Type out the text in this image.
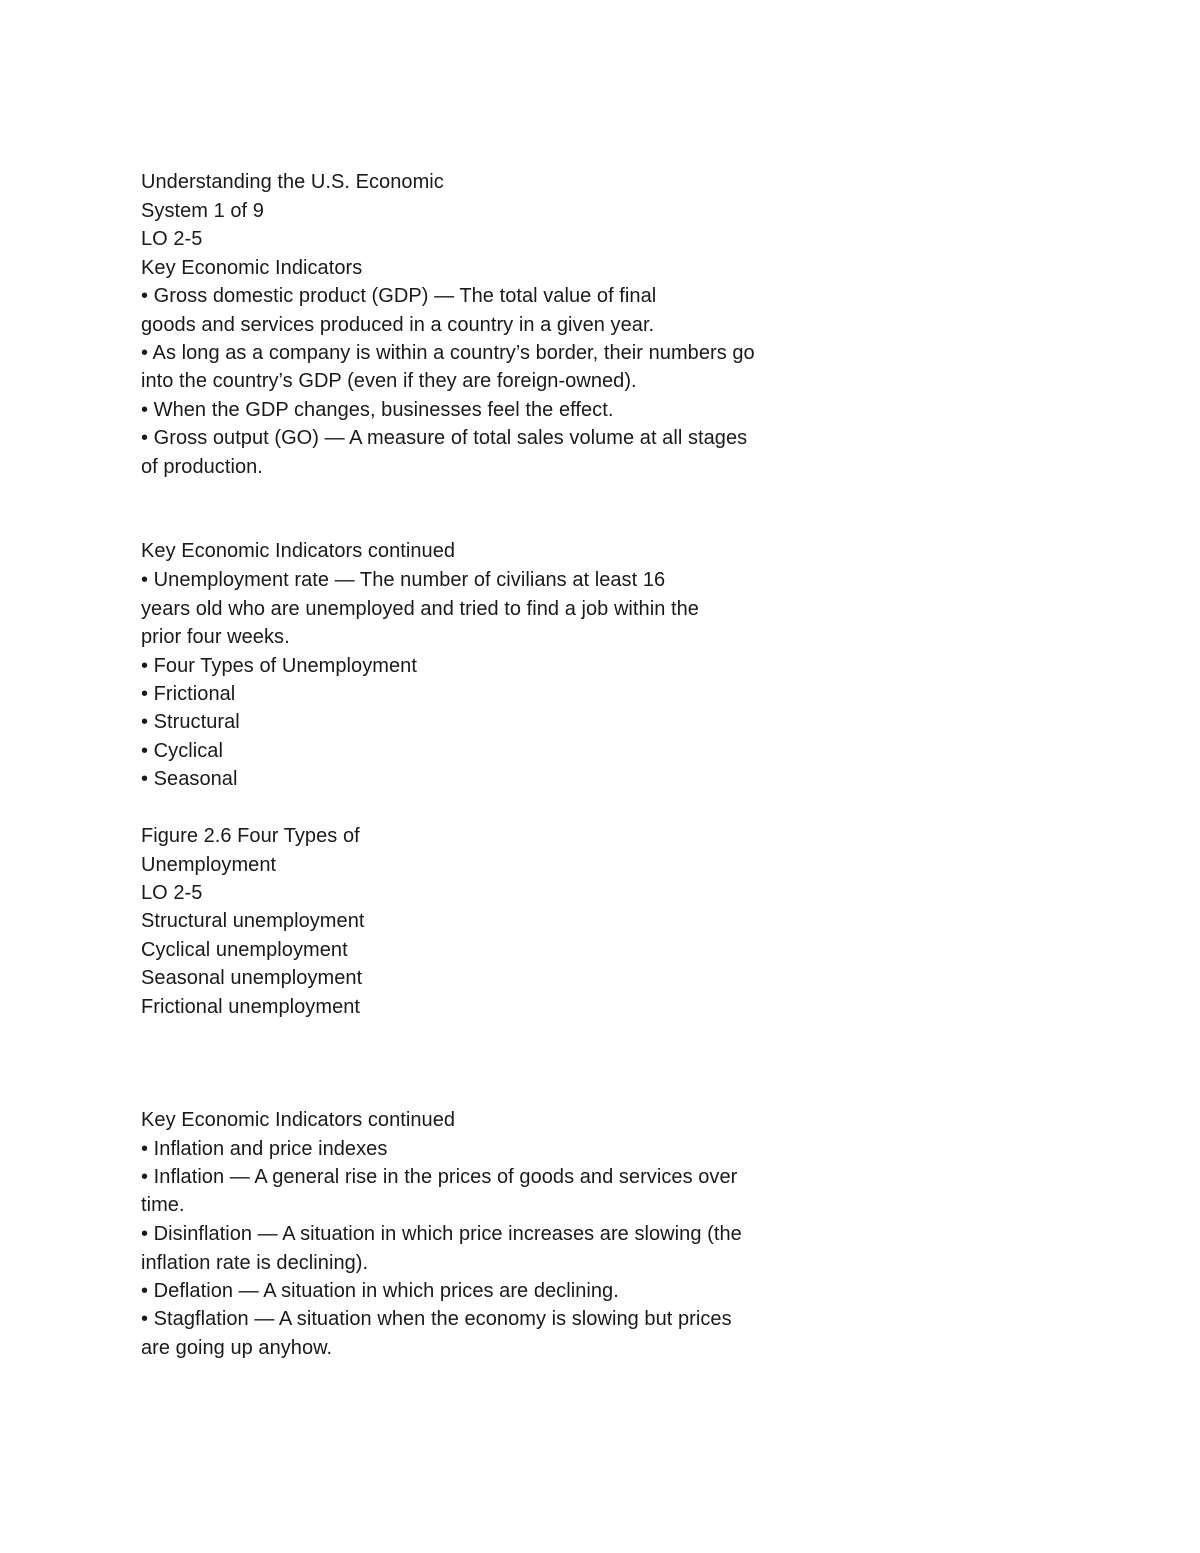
Understanding the U.S. Economic

System 1 of 9

LO 2-5

Key Economic Indicators

• Gross domestic product (GDP) — The total value of final

goods and services produced in a country in a given year.

• As long as a company is within a country’s border, their numbers go

into the country’s GDP (even if they are foreign-owned).

• When the GDP changes, businesses feel the effect.

• Gross output (GO) — A measure of total sales volume at all stages

of production.

Key Economic Indicators continued

• Unemployment rate — The number of civilians at least 16

years old who are unemployed and tried to find a job within the

prior four weeks.

• Four Types of Unemployment

• Frictional

• Structural

• Cyclical

• Seasonal

Figure 2.6 Four Types of

Unemployment

LO 2-5

Structural unemployment

Cyclical unemployment

Seasonal unemployment

Frictional unemployment

Key Economic Indicators continued

• Inflation and price indexes

• Inflation — A general rise in the prices of goods and services over

time.

• Disinflation — A situation in which price increases are slowing (the

inflation rate is declining).

• Deflation — A situation in which prices are declining.

• Stagflation — A situation when the economy is slowing but prices

are going up anyhow.
